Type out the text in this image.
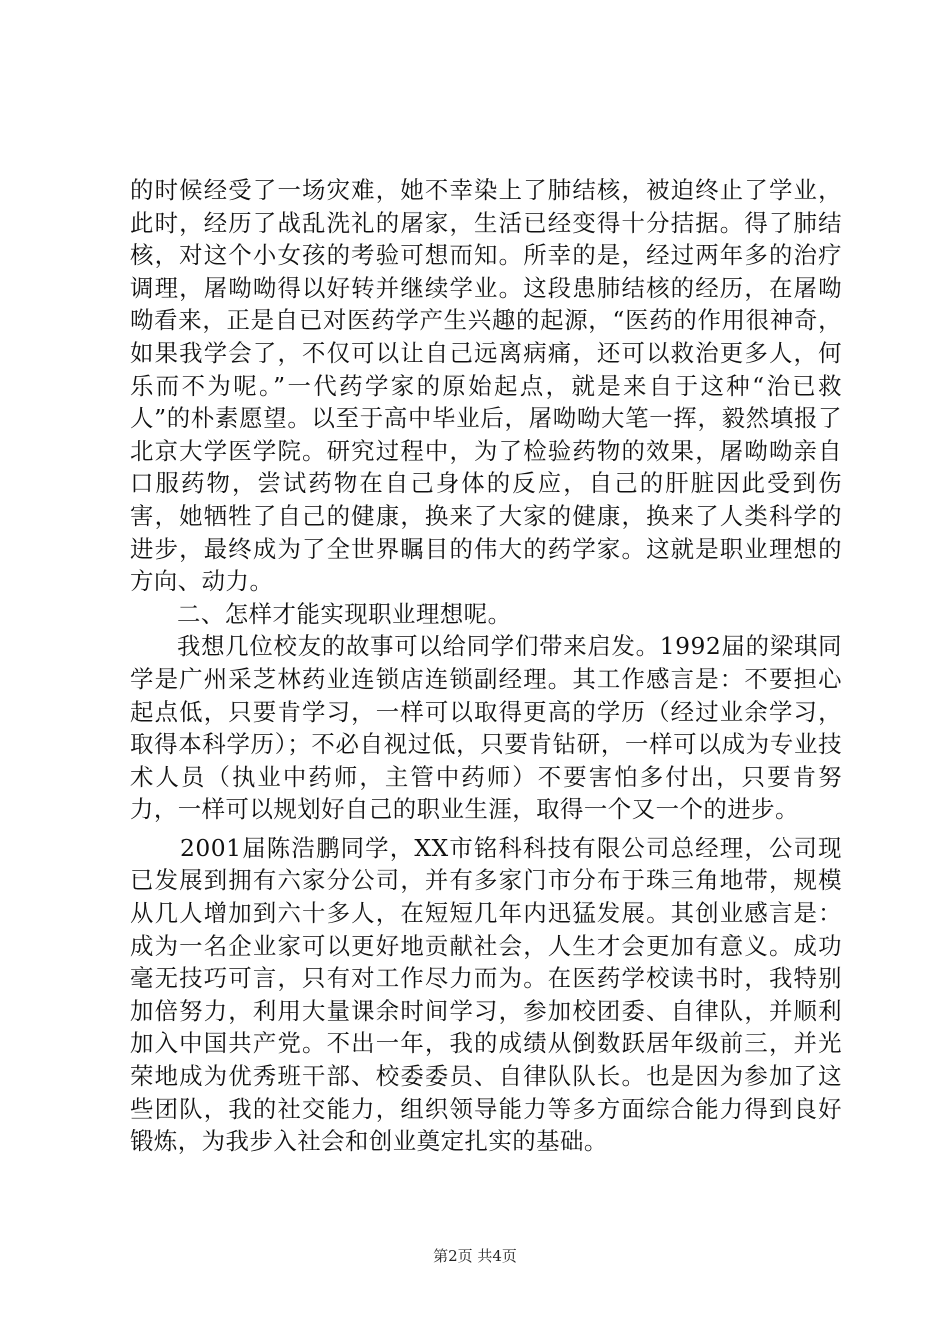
的时候经受了一场灾难，她不幸染上了肺结核，被迫终止了学业，此时，经历了战乱洗礼的屠家，生活已经变得十分拮据。得了肺结核，对这个小女孩的考验可想而知。所幸的是，经过两年多的治疗调理，屠呦呦得以好转并继续学业。这段患肺结核的经历，在屠呦呦看来，正是自已对医药学产生兴趣的起源，“医药的作用很神奇，如果我学会了，不仅可以让自己远离病痛，还可以救治更多人，何乐而不为呢。”一代药学家的原始起点，就是来自于这种“治已救人”的朴素愿望。以至于高中毕业后，屠呦呦大笔一挥，毅然填报了北京大学医学院。研究过程中，为了检验药物的效果，屠呦呦亲自口服药物，尝试药物在自己身体的反应，自己的肝脏因此受到伤害，她牺牲了自己的健康，换来了大家的健康，换来了人类科学的进步，最终成为了全世界瞩目的伟大的药学家。这就是职业理想的方向、动力。

二、怎样才能实现职业理想呢。

我想几位校友的故事可以给同学们带来启发。1992届的梁琪同学是广州采芝林药业连锁店连锁副经理。其工作感言是：不要担心起点低，只要肯学习，一样可以取得更高的学历（经过业余学习，取得本科学历）；不必自视过低，只要肯钻研，一样可以成为专业技术人员（执业中药师，主管中药师）不要害怕多付出，只要肯努力，一样可以规划好自己的职业生涯，取得一个又一个的进步。

2001届陈浩鹏同学，XX市铭科科技有限公司总经理，公司现已发展到拥有六家分公司，并有多家门市分布于珠三角地带，规模从几人增加到六十多人，在短短几年内迅猛发展。其创业感言是：成为一名企业家可以更好地贡献社会，人生才会更加有意义。成功毫无技巧可言，只有对工作尽力而为。在医药学校读书时，我特别加倍努力，利用大量课余时间学习，参加校团委、自律队，并顺利加入中国共产党。不出一年，我的成绩从倒数跃居年级前三，并光荣地成为优秀班干部、校委委员、自律队队长。也是因为参加了这些团队，我的社交能力，组织领导能力等多方面综合能力得到良好锻炼，为我步入社会和创业奠定扎实的基础。

第2页 共4页
